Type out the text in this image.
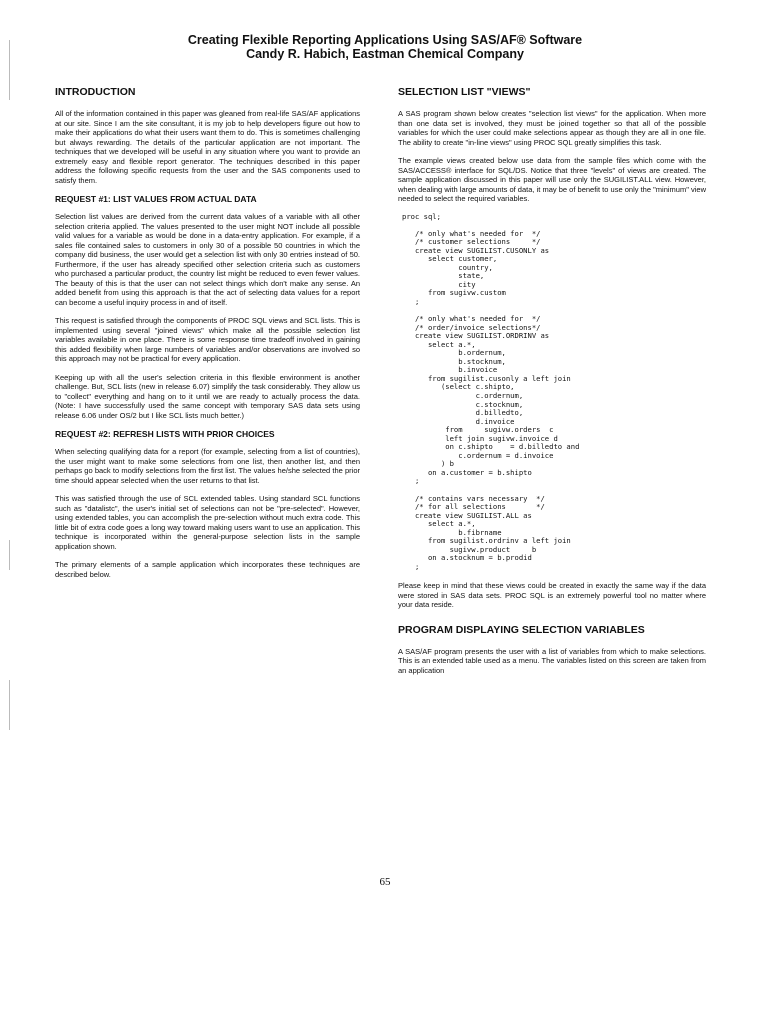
Creating Flexible Reporting Applications Using SAS/AF® Software
Candy R. Habich, Eastman Chemical Company
INTRODUCTION

All of the information contained in this paper was gleaned from real-life SAS/AF applications at our site. Since I am the site consultant, it is my job to help developers figure out how to make their applications do what their users want them to do. This is sometimes challenging but always rewarding. The details of the particular application are not important. The techniques that we developed will be useful in any situation where you want to provide an extremely easy and flexible report generator. The techniques described in this paper address the following specific requests from the user and the SAS components used to satisfy them.

REQUEST #1: LIST VALUES FROM ACTUAL DATA

Selection list values are derived from the current data values of a variable with all other selection criteria applied. The values presented to the user might NOT include all possible valid values for a variable as would be done in a data-entry application. For example, if a sales file contained sales to customers in only 30 of a possible 50 countries in which the company did business, the user would get a selection list with only 30 entries instead of 50. Furthermore, if the user has already specified other selection criteria such as customers who purchased a particular product, the country list might be reduced to even fewer values. The beauty of this is that the user can not select things which don't make any sense. An added benefit from using this approach is that the act of selecting data values for a report can become a useful inquiry process in and of itself.

This request is satisfied through the components of PROC SQL views and SCL lists. This is implemented using several "joined views" which make all the possible selection list variables available in one place. There is some response time tradeoff involved in gaining this added flexibility when large numbers of variables and/or observations are involved so this approach may not be practical for every application.

Keeping up with all the user's selection criteria in this flexible environment is another challenge. But, SCL lists (new in release 6.07) simplify the task considerably. They allow us to "collect" everything and hang on to it until we are ready to actually process the data. (Note: I have successfully used the same concept with temporary SAS data sets using release 6.06 under OS/2 but I like SCL lists much better.)

REQUEST #2: REFRESH LISTS WITH PRIOR CHOICES

When selecting qualifying data for a report (for example, selecting from a list of countries), the user might want to make some selections from one list, then another list, and then perhaps go back to modify selections from the first list. The values he/she selected the prior time should appear selected when the user returns to that list.

This was satisfied through the use of SCL extended tables. Using standard SCL functions such as "datalistc", the user's initial set of selections can not be "pre-selected". However, using extended tables, you can accomplish the pre-selection without much extra code. This little bit of extra code goes a long way toward making users want to use an application. This technique is incorporated within the general-purpose selection lists in the sample application shown.

The primary elements of a sample application which incorporates these techniques are described below.

SELECTION LIST "VIEWS"

A SAS program shown below creates "selection list views" for the application. When more than one data set is involved, they must be joined together so that all of the possible variables for which the user could make selections appear as though they are all in one file. The ability to create "in-line views" using PROC SQL greatly simplifies this task.

The example views created below use data from the sample files which come with the SAS/ACCESS® interface for SQL/DS. Notice that three "levels" of views are created. The sample application discussed in this paper will use only the SUGILIST.ALL view. However, when dealing with large amounts of data, it may be of benefit to use only the "minimum" view needed to select the required variables.

proc sql;

/* only what's needed for  */
/* customer selections     */
create view SUGILIST.CUSONLY as
select customer,
country,
state,
city
from sugivw.custom
;

/* only what's needed for  */
/* order/invoice selections*/
create view SUGILIST.ORDRINV as
select a.*,
b.ordernum,
b.stocknum,
b.invoice
from sugilist.cusonly a left join
(select c.shipto,
c.ordernum,
c.stocknum,
d.billedto,
d.invoice
from     sugivw.orders  c
left join sugivw.invoice d
on c.shipto    = d.billedto and
c.ordernum = d.invoice
) b
on a.customer = b.shipto
;

/* contains vars necessary  */
/* for all selections       */
create view SUGILIST.ALL as
select a.*,
b.fibrname
from sugilist.ordrinv a left join
sugivw.product     b
on a.stocknum = b.prodid
;

Please keep in mind that these views could be created in exactly the same way if the data were stored in SAS data sets. PROC SQL is an extremely powerful tool no matter where your data reside.

PROGRAM DISPLAYING SELECTION VARIABLES

A SAS/AF program presents the user with a list of variables from which to make selections. This is an extended table used as a menu. The variables listed on this screen are taken from an application

65
